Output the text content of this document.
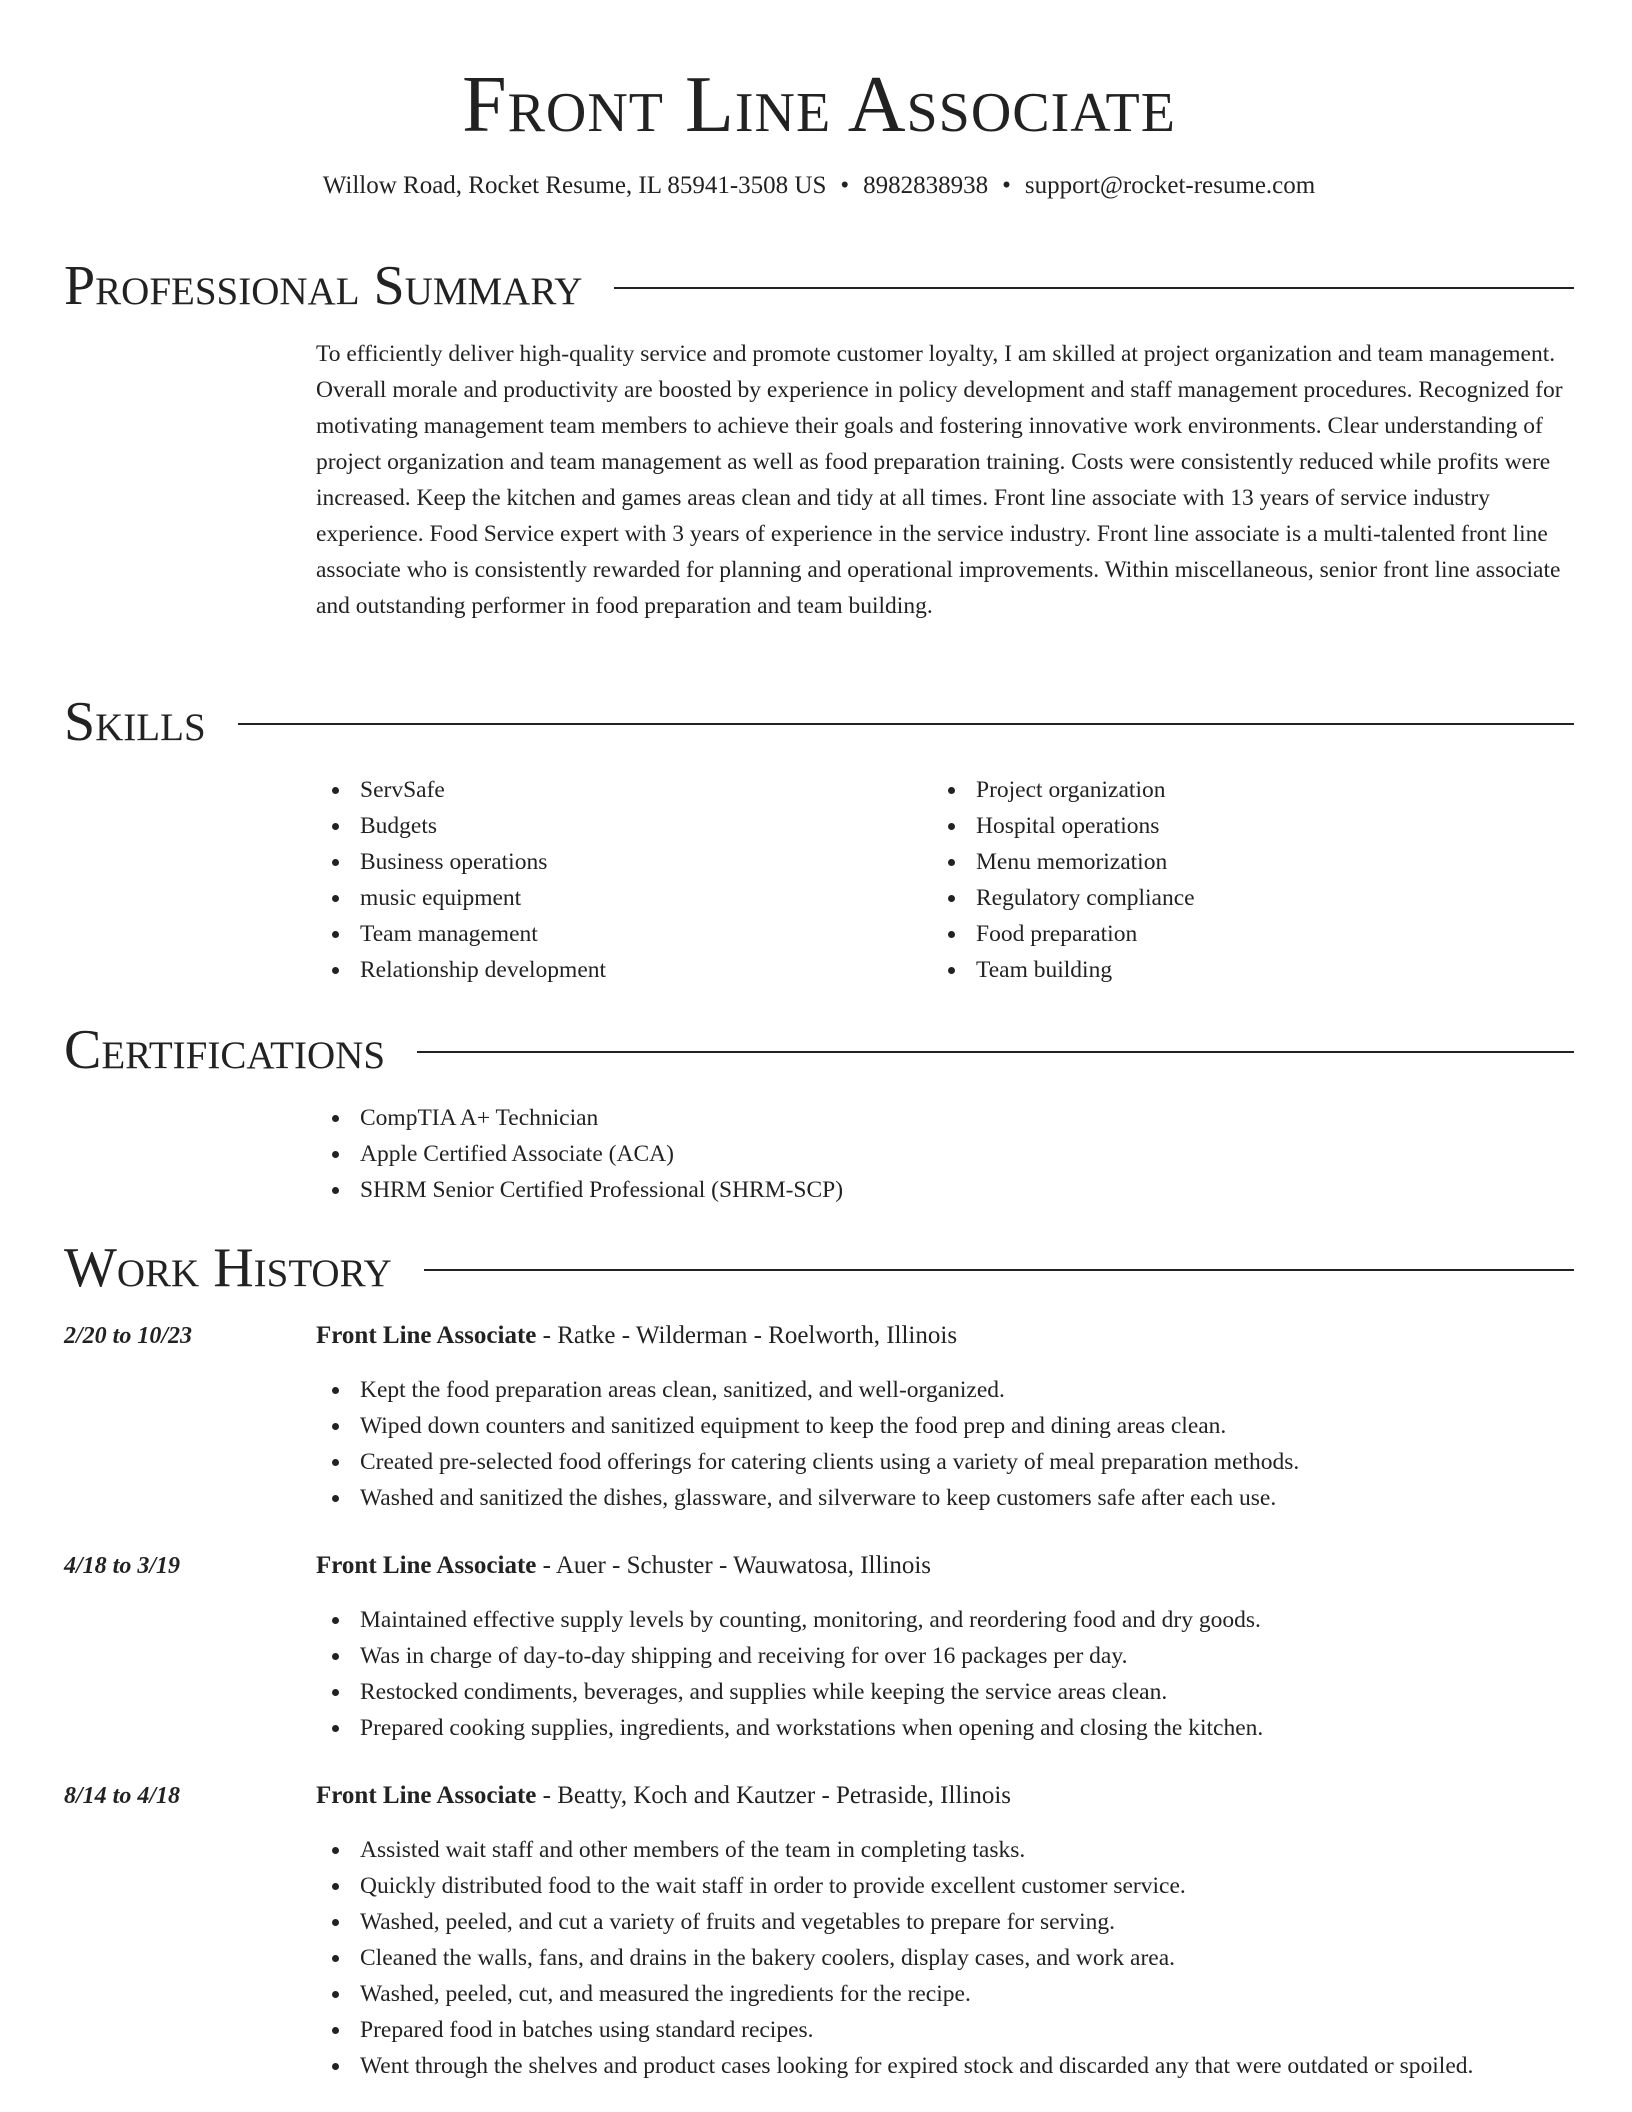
Front Line Associate
Willow Road, Rocket Resume, IL 85941-3508 US • 8982838938 • support@rocket-resume.com
Professional Summary
To efficiently deliver high-quality service and promote customer loyalty, I am skilled at project organization and team management. Overall morale and productivity are boosted by experience in policy development and staff management procedures. Recognized for motivating management team members to achieve their goals and fostering innovative work environments. Clear understanding of project organization and team management as well as food preparation training. Costs were consistently reduced while profits were increased. Keep the kitchen and games areas clean and tidy at all times. Front line associate with 13 years of service industry experience. Food Service expert with 3 years of experience in the service industry. Front line associate is a multi-talented front line associate who is consistently rewarded for planning and operational improvements. Within miscellaneous, senior front line associate and outstanding performer in food preparation and team building.
Skills
ServSafe
Budgets
Business operations
music equipment
Team management
Relationship development
Project organization
Hospital operations
Menu memorization
Regulatory compliance
Food preparation
Team building
Certifications
CompTIA A+ Technician
Apple Certified Associate (ACA)
SHRM Senior Certified Professional (SHRM-SCP)
Work History
2/20 to 10/23	Front Line Associate - Ratke - Wilderman - Roelworth, Illinois
Kept the food preparation areas clean, sanitized, and well-organized.
Wiped down counters and sanitized equipment to keep the food prep and dining areas clean.
Created pre-selected food offerings for catering clients using a variety of meal preparation methods.
Washed and sanitized the dishes, glassware, and silverware to keep customers safe after each use.
4/18 to 3/19	Front Line Associate - Auer - Schuster - Wauwatosa, Illinois
Maintained effective supply levels by counting, monitoring, and reordering food and dry goods.
Was in charge of day-to-day shipping and receiving for over 16 packages per day.
Restocked condiments, beverages, and supplies while keeping the service areas clean.
Prepared cooking supplies, ingredients, and workstations when opening and closing the kitchen.
8/14 to 4/18	Front Line Associate - Beatty, Koch and Kautzer - Petraside, Illinois
Assisted wait staff and other members of the team in completing tasks.
Quickly distributed food to the wait staff in order to provide excellent customer service.
Washed, peeled, and cut a variety of fruits and vegetables to prepare for serving.
Cleaned the walls, fans, and drains in the bakery coolers, display cases, and work area.
Washed, peeled, cut, and measured the ingredients for the recipe.
Prepared food in batches using standard recipes.
Went through the shelves and product cases looking for expired stock and discarded any that were outdated or spoiled.
